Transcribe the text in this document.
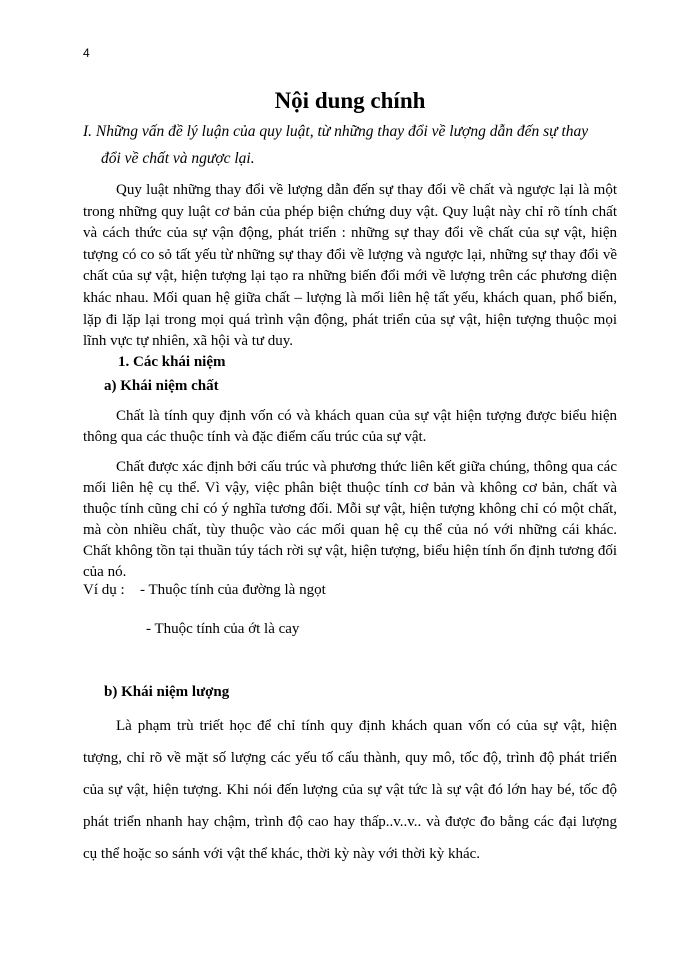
4
Nội dung chính
I. Những vấn đề lý luận của quy luật, từ những thay đổi về lượng dẫn đến sự thay
đổi về chất và ngược lại.

Quy luật những thay đổi về lượng dẫn đến sự thay đổi về chất và ngược lại là một trong những quy luật cơ bản của phép biện chứng duy vật. Quy luật này chỉ rõ tính chất và cách thức của sự vận động, phát triển : những sự thay đổi về chất của sự vật, hiện tượng có co sỏ tất yếu từ những sự thay đổi về lượng và ngược lại, những sự thay đổi về chất của sự vật, hiện tượng lại tạo ra những biến đổi mới về lượng trên các phương diện khác nhau. Mối quan hệ giữa chất – lượng là mối liên hệ tất yếu, khách quan, phổ biến, lặp đi lặp lại trong mọi quá trình vận động, phát triển của sự vật, hiện tượng thuộc mọi lĩnh vực tự nhiên, xã hội và tư duy.

1. Các khái niệm
a) Khái niệm chất

Chất là tính quy định vốn có và khách quan của sự vật hiện tượng được biểu hiện thông qua các thuộc tính và đặc điểm cấu trúc của sự vật.

Chất được xác định bởi cấu trúc và phương thức liên kết giữa chúng, thông qua các mối liên hệ cụ thể. Vì vậy, việc phân biệt thuộc tính cơ bản và không cơ bản, chất và thuộc tính cũng chỉ có ý nghĩa tương đối. Mỗi sự vật, hiện tượng không chỉ có một chất, mà còn nhiều chất, tùy thuộc vào các mối quan hệ cụ thể của nó với những cái khác. Chất không tồn tại thuần túy tách rời sự vật, hiện tượng, biểu hiện tính ổn định tương đối của nó.

Ví dụ : - Thuộc tính của đường là ngọt
- Thuộc tính của ớt là cay
b) Khái niệm lượng

Là phạm trù triết học để chỉ tính quy định khách quan vốn có của sự vật, hiện tượng, chỉ rõ về mặt số lượng các yếu tố cấu thành, quy mô, tốc độ, trình độ phát triển của sự vật, hiện tượng. Khi nói đến lượng của sự vật tức là sự vật đó lớn hay bé, tốc độ phát triển nhanh hay chậm, trình độ cao hay thấp..v..v.. và được đo bằng các đại lượng cụ thể hoặc so sánh với vật thể khác, thời kỳ này với thời kỳ khác.
